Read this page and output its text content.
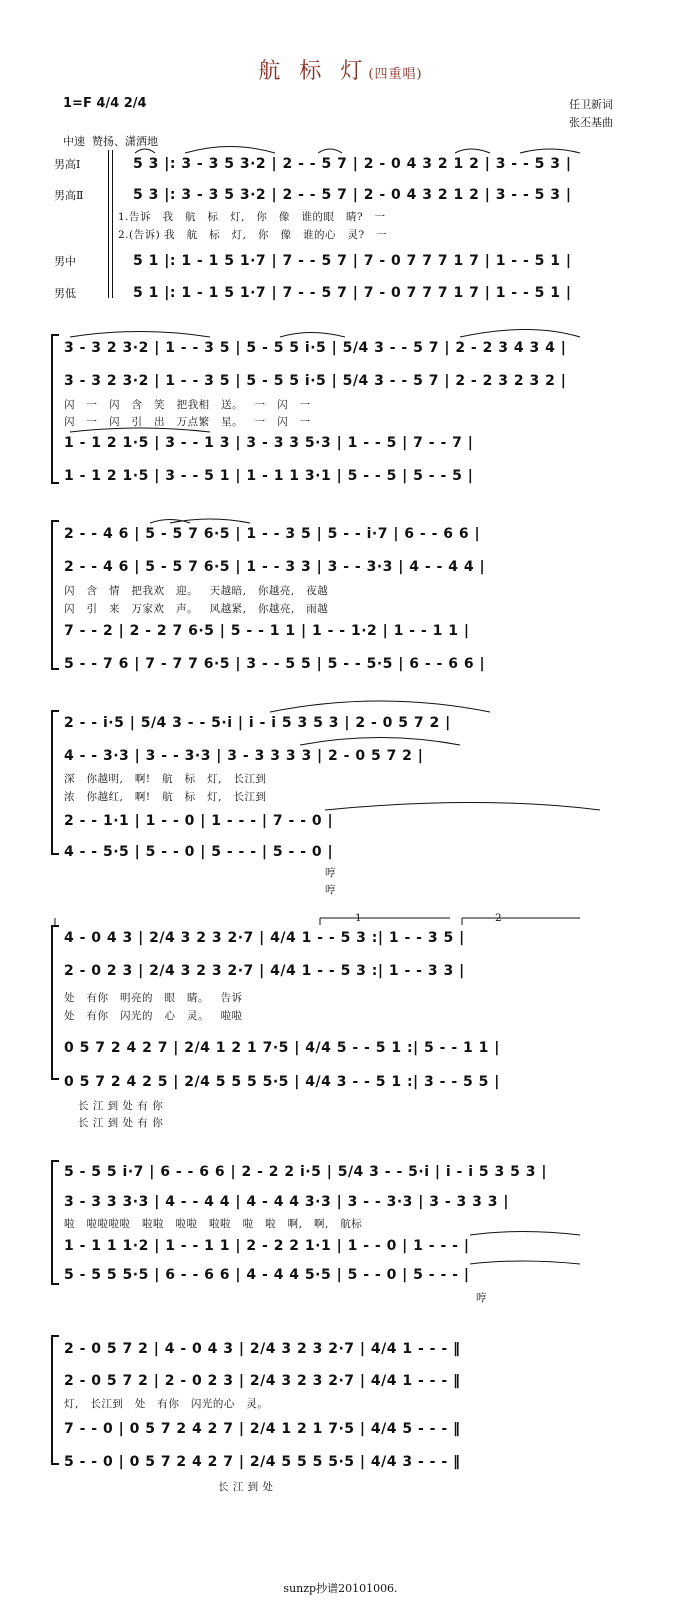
航 标 灯(四重唱)
1=F 4/4 2/4	任卫新词
张丕基曲
中速  赞扬、潇洒地
男高Ⅰ
男高Ⅱ
男中
男低
5 3 |: 3 - 3 5 3·2 | 2 - - 5 7 | 2 - 0 4 3 2 1 2 | 3 - - 5 3 |
5 3 |: 3 - 3 5 3·2 | 2 - - 5 7 | 2 - 0 4 3 2 1 2 | 3 - - 5 3 |
1.告诉   我   航   标   灯,   你   像   谁的眼   睛?   一
2.(告诉) 我   航   标   灯,   你   像   谁的心   灵?   一
5 1 |: 1 - 1 5 1·7 | 7 - - 5 7 | 7 - 0 7 7 7 1 7 | 1 - - 5 1 |
5 1 |: 1 - 1 5 1·7 | 7 - - 5 7 | 7 - 0 7 7 7 1 7 | 1 - - 5 1 |
3 - 3 2 3·2 | 1 - - 3 5 | 5 - 5 5 i·5 | 5/4 3 - - 5 7 | 2 - 2 3 4 3 4 |
3 - 3 2 3·2 | 1 - - 3 5 | 5 - 5 5 i·5 | 5/4 3 - - 5 7 | 2 - 2 3 2 3 2 |
闪   一   闪   含   笑   把我相   送。   一   闪   一
闪   一   闪   引   出   万点繁   星。   一   闪   一
1 - 1 2 1·5 | 3 - - 1 3 | 3 - 3 3 5·3 | 1 - - 5 | 7 - - 7 |
1 - 1 2 1·5 | 3 - - 5 1 | 1 - 1 1 3·1 | 5 - - 5 | 5 - - 5 |
2 - - 4 6 | 5 - 5 7 6·5 | 1 - - 3 5 | 5 - - i·7 | 6 - - 6 6 |
2 - - 4 6 | 5 - 5 7 6·5 | 1 - - 3 3 | 3 - - 3·3 | 4 - - 4 4 |
闪   含   情   把我欢   迎。   天越暗,   你越亮,   夜越
闪   引   来   万家欢   声。   风越紧,   你越亮,   雨越
7 - - 2 | 2 - 2 7 6·5 | 5 - - 1 1 | 1 - - 1·2 | 1 - - 1 1 |
5 - - 7 6 | 7 - 7 7 6·5 | 3 - - 5 5 | 5 - - 5·5 | 6 - - 6 6 |
2 - - i·5 | 5/4 3 - - 5·i | i - i 5 3 5 3 | 2 - 0 5 7 2 |
4 - - 3·3 | 3 - - 3·3 | 3 - 3 3 3 3 | 2 - 0 5 7 2 |
深   你越明,   啊!   航   标   灯,   长江到
浓   你越红,   啊!   航   标   灯,   长江到
2 - - 1·1 | 1 - - 0 | 1 - - - | 7 - - 0 |
4 - - 5·5 | 5 - - 0 | 5 - - - | 5 - - 0 |
哼
哼
1	2
4 - 0 4 3 | 2/4 3 2 3 2·7 | 4/4 1 - - 5 3 :| 1 - - 3 5 |
2 - 0 2 3 | 2/4 3 2 3 2·7 | 4/4 1 - - 5 3 :| 1 - - 3 3 |
处   有你   明亮的   眼   睛。   告诉
处   有你   闪光的   心   灵。   啦啦
0 5 7 2 4 2 7 | 2/4 1 2 1 7·5 | 4/4 5 - - 5 1 :| 5 - - 1 1 |
0 5 7 2 4 2 5 | 2/4 5 5 5 5·5 | 4/4 3 - - 5 1 :| 3 - - 5 5 |
长 江 到 处 有 你
长 江 到 处 有 你
5 - 5 5 i·7 | 6 - - 6 6 | 2 - 2 2 i·5 | 5/4 3 - - 5·i | i - i 5 3 5 3 |
3 - 3 3 3·3 | 4 - - 4 4 | 4 - 4 4 3·3 | 3 - - 3·3 | 3 - 3 3 3 |
啦   啦啦啦啦   啦啦   啦啦   啦啦   啦   啦   啊,   啊,   航标
1 - 1 1 1·2 | 1 - - 1 1 | 2 - 2 2 1·1 | 1 - - 0 | 1 - - - |
5 - 5 5 5·5 | 6 - - 6 6 | 4 - 4 4 5·5 | 5 - - 0 | 5 - - - |
哼
2 - 0 5 7 2 | 4 - 0 4 3 | 2/4 3 2 3 2·7 | 4/4 1 - - - ‖
2 - 0 5 7 2 | 2 - 0 2 3 | 2/4 3 2 3 2·7 | 4/4 1 - - - ‖
灯,   长江到   处   有你   闪光的心   灵。
7 - - 0 | 0 5 7 2 4 2 7 | 2/4 1 2 1 7·5 | 4/4 5 - - - ‖
5 - - 0 | 0 5 7 2 4 2 7 | 2/4 5 5 5 5·5 | 4/4 3 - - - ‖
长 江 到 处
sunzp抄谱20101006.
